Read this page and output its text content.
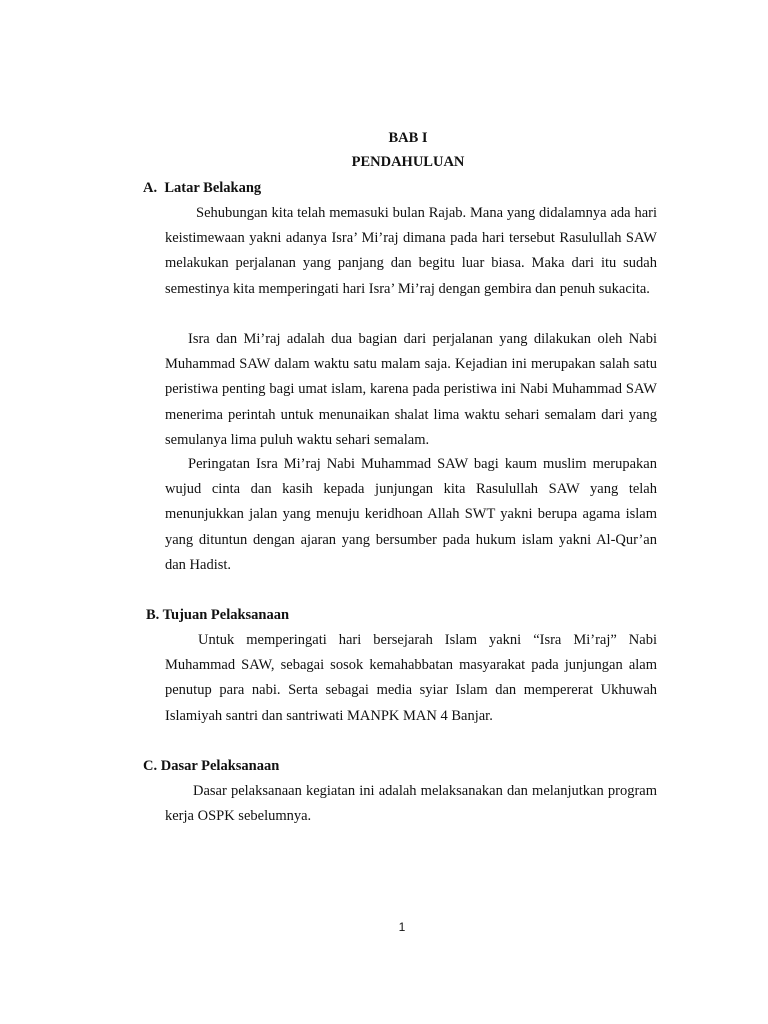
BAB I
PENDAHULUAN
A.  Latar Belakang

Sehubungan kita telah memasuki bulan Rajab. Mana yang didalamnya ada hari keistimewaan yakni adanya Isra’ Mi’raj dimana pada hari tersebut Rasulullah SAW melakukan perjalanan yang panjang dan begitu luar biasa. Maka dari itu sudah semestinya kita memperingati hari Isra’ Mi’raj dengan gembira dan penuh sukacita.

Isra dan Mi’raj adalah dua bagian dari perjalanan yang dilakukan oleh Nabi Muhammad SAW dalam waktu satu malam saja. Kejadian ini merupakan salah satu peristiwa penting bagi umat islam, karena pada peristiwa ini Nabi Muhammad SAW menerima perintah untuk menunaikan shalat lima waktu sehari semalam dari yang semulanya lima puluh waktu sehari semalam.

Peringatan Isra Mi’raj Nabi Muhammad SAW bagi kaum muslim merupakan wujud cinta dan kasih kepada junjungan kita Rasulullah SAW yang telah menunjukkan jalan yang menuju keridhoan Allah SWT yakni berupa agama islam yang dituntun dengan ajaran yang bersumber pada hukum islam yakni Al-Qur’an dan Hadist.

B. Tujuan Pelaksanaan

Untuk memperingati hari bersejarah Islam yakni “Isra Mi’raj” Nabi Muhammad SAW, sebagai sosok kemahabbatan masyarakat pada junjungan alam penutup para nabi. Serta sebagai media syiar Islam dan mempererat Ukhuwah Islamiyah santri dan santriwati MANPK MAN 4 Banjar.

C. Dasar Pelaksanaan

Dasar pelaksanaan kegiatan ini adalah melaksanakan dan melanjutkan program kerja OSPK sebelumnya.

1
